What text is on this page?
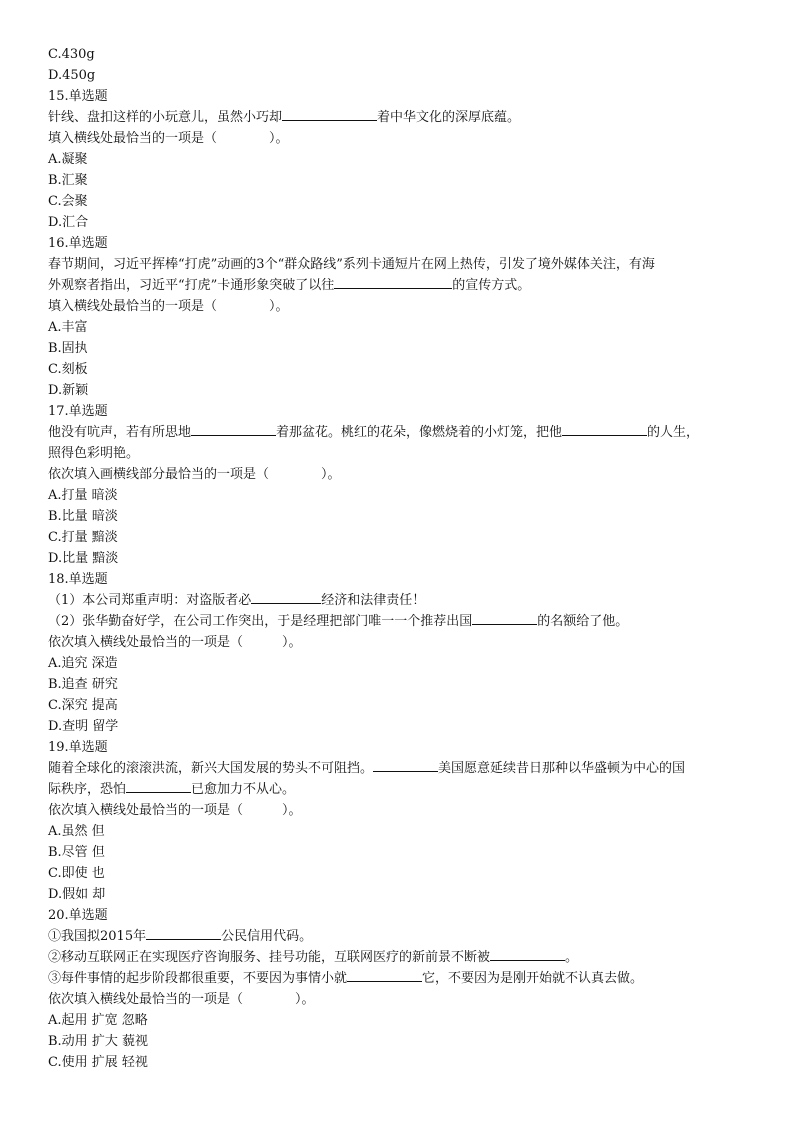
C.430g

D.450g

15.单选题

针线、盘扣这样的小玩意儿，虽然小巧却	着中华文化的深厚底蕴。

填入横线处最恰当的一项是（　　　　）。

A.凝聚

B.汇聚

C.会聚

D.汇合

16.单选题

春节期间，习近平挥棒“打虎”动画的3个“群众路线”系列卡通短片在网上热传，引发了境外媒体关注，有海

外观察者指出，习近平“打虎”卡通形象突破了以往	的宣传方式。

填入横线处最恰当的一项是（　　　　）。

A.丰富

B.固执

C.刻板

D.新颖

17.单选题

他没有吭声，若有所思地	着那盆花。桃红的花朵，像燃烧着的小灯笼，把他	的人生，

照得色彩明艳。

依次填入画横线部分最恰当的一项是（　　　　）。

A.打量 暗淡

B.比量 暗淡

C.打量 黯淡

D.比量 黯淡

18.单选题

（1）本公司郑重声明：对盗版者必	经济和法律责任！

（2）张华勤奋好学，在公司工作突出，于是经理把部门唯一一个推荐出国	的名额给了他。

依次填入横线处最恰当的一项是（　　　）。

A.追究 深造

B.追查 研究

C.深究 提高

D.查明 留学

19.单选题

随着全球化的滚滚洪流，新兴大国发展的势头不可阻挡。	美国愿意延续昔日那种以华盛顿为中心的国

际秩序，恐怕	已愈加力不从心。

依次填入横线处最恰当的一项是（　　　）。

A.虽然 但

B.尽管 但

C.即使 也

D.假如 却

20.单选题

①我国拟2015年	公民信用代码。

②移动互联网正在实现医疗咨询服务、挂号功能，互联网医疗的新前景不断被	。

③每件事情的起步阶段都很重要，不要因为事情小就	它，不要因为是刚开始就不认真去做。

依次填入横线处最恰当的一项是（　　　　）。

A.起用 扩宽 忽略

B.动用 扩大 藐视

C.使用 扩展 轻视
